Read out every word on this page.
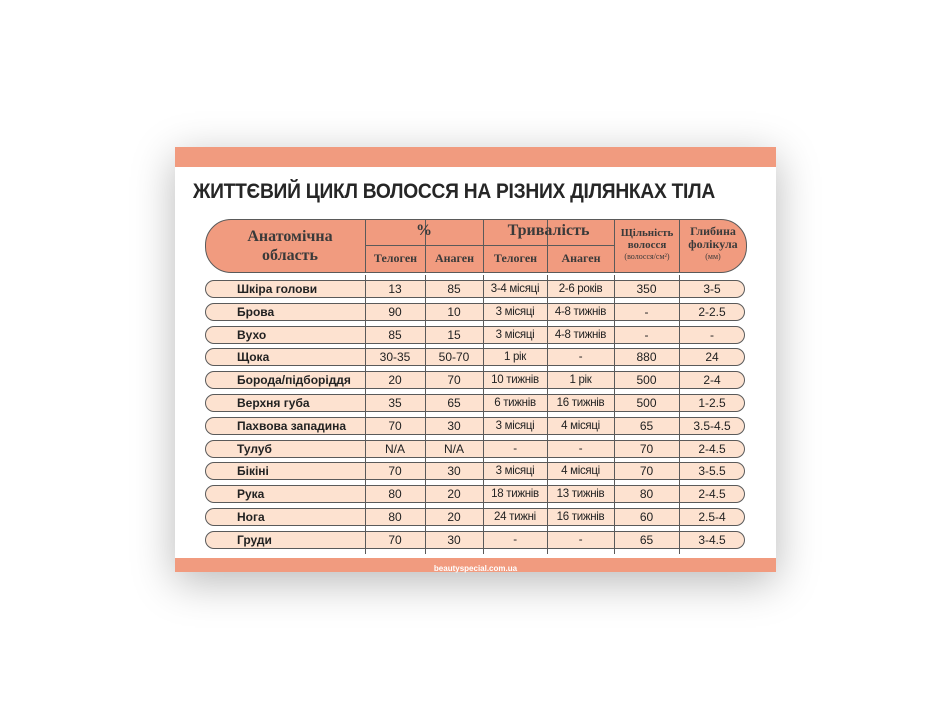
ЖИТТЄВИЙ ЦИКЛ ВОЛОССЯ НА РІЗНИХ ДІЛЯНКАХ ТІЛА
Анатомічна
область
%	Тривалість
Телоген	Анаген	Телоген	Анаген
Щільність
волосся
(волосся/см²)
Глибина
фолікула
(мм)
Шкіра голови	13	85	3-4 місяці	2-6 років	350	3-5
Брова	90	10	3 місяці	4-8 тижнів	-	2-2.5
Вухо	85	15	3 місяці	4-8 тижнів	-	-
Щока	30-35	50-70	1 рік	-	880	24
Борода/підборіддя	20	70	10 тижнів	1 рік	500	2-4
Верхня губа	35	65	6 тижнів	16 тижнів	500	1-2.5
Пахвова западина	70	30	3 місяці	4 місяці	65	3.5-4.5
Тулуб	N/A	N/A	-	-	70	2-4.5
Бікіні	70	30	3 місяці	4 місяці	70	3-5.5
Рука	80	20	18 тижнів	13 тижнів	80	2-4.5
Нога	80	20	24 тижні	16 тижнів	60	2.5-4
Груди	70	30	-	-	65	3-4.5
beautyspecial.com.ua
